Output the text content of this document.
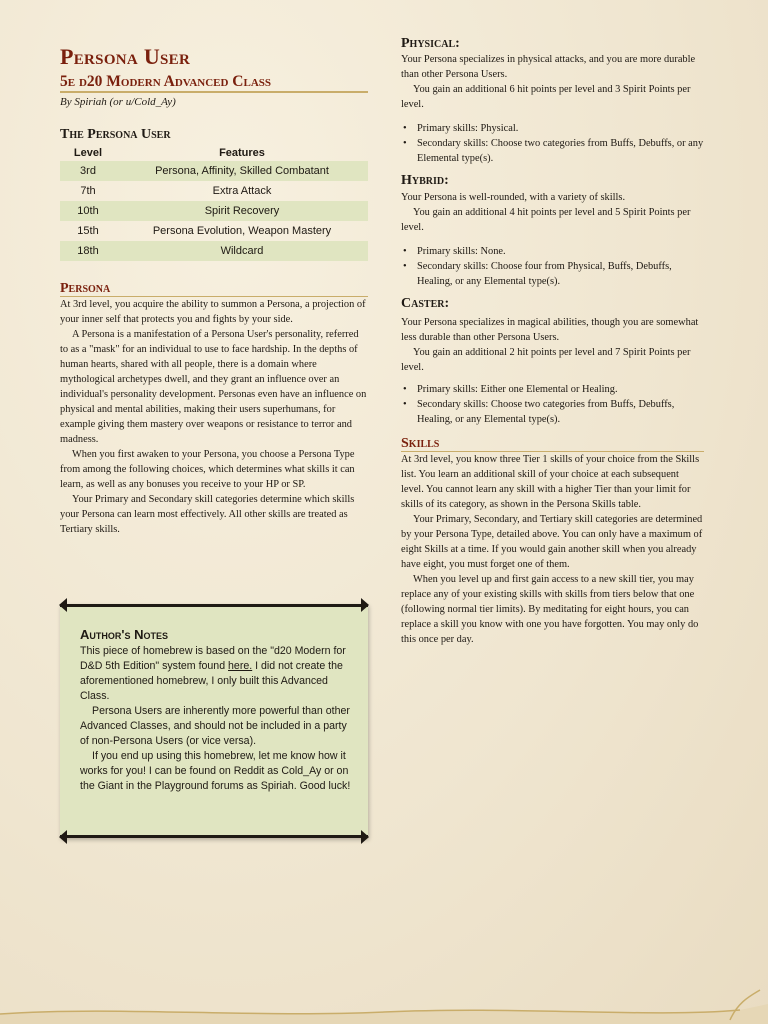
Persona User
5e d20 Modern Advanced Class
By Spiriah (or u/Cold_Ay)
The Persona User
Level	Features
3rd	Persona, Affinity, Skilled Combatant
7th	Extra Attack
10th	Spirit Recovery
15th	Persona Evolution, Weapon Mastery
18th	Wildcard
Persona

At 3rd level, you acquire the ability to summon a Persona, a projection of your inner self that protects you and fights by your side.

A Persona is a manifestation of a Persona User's personality, referred to as a "mask" for an individual to use to face hardship. In the depths of human hearts, shared with all people, there is a domain where mythological archetypes dwell, and they grant an influence over an individual's personality development. Personas even have an influence on physical and mental abilities, making their users superhumans, for example giving them mastery over weapons or resistance to terror and madness.

When you first awaken to your Persona, you choose a Persona Type from among the following choices, which determines what skills it can learn, as well as any bonuses you receive to your HP or SP.

Your Primary and Secondary skill categories determine which skills your Persona can learn most effectively. All other skills are treated as Tertiary skills.

Author's Notes

This piece of homebrew is based on the "d20 Modern for D&D 5th Edition" system found here. I did not create the aforementioned homebrew, I only built this Advanced Class.

Persona Users are inherently more powerful than other Advanced Classes, and should not be included in a party of non-Persona Users (or vice versa).

If you end up using this homebrew, let me know how it works for you! I can be found on Reddit as Cold_Ay or on the Giant in the Playground forums as Spiriah. Good luck!

Physical:

Your Persona specializes in physical attacks, and you are more durable than other Persona Users.

You gain an additional 6 hit points per level and 3 Spirit Points per level.

• Primary skills: Physical.
• Secondary skills: Choose two categories from Buffs, Debuffs, or any Elemental type(s).
Hybrid:

Your Persona is well-rounded, with a variety of skills.

You gain an additional 4 hit points per level and 5 Spirit Points per level.

• Primary skills: None.
• Secondary skills: Choose four from Physical, Buffs, Debuffs, Healing, or any Elemental type(s).
Caster:

Your Persona specializes in magical abilities, though you are somewhat less durable than other Persona Users.

You gain an additional 2 hit points per level and 7 Spirit Points per level.

• Primary skills: Either one Elemental or Healing.
• Secondary skills: Choose two categories from Buffs, Debuffs, Healing, or any Elemental type(s).
Skills

At 3rd level, you know three Tier 1 skills of your choice from the Skills list. You learn an additional skill of your choice at each subsequent level. You cannot learn any skill with a higher Tier than your limit for skills of its category, as shown in the Persona Skills table.

Your Primary, Secondary, and Tertiary skill categories are determined by your Persona Type, detailed above. You can only have a maximum of eight Skills at a time. If you would gain another skill when you already have eight, you must forget one of them.

When you level up and first gain access to a new skill tier, you may replace any of your existing skills with skills from tiers below that one (following normal tier limits). By meditating for eight hours, you can replace a skill you know with one you have forgotten. You may only do this once per day.
